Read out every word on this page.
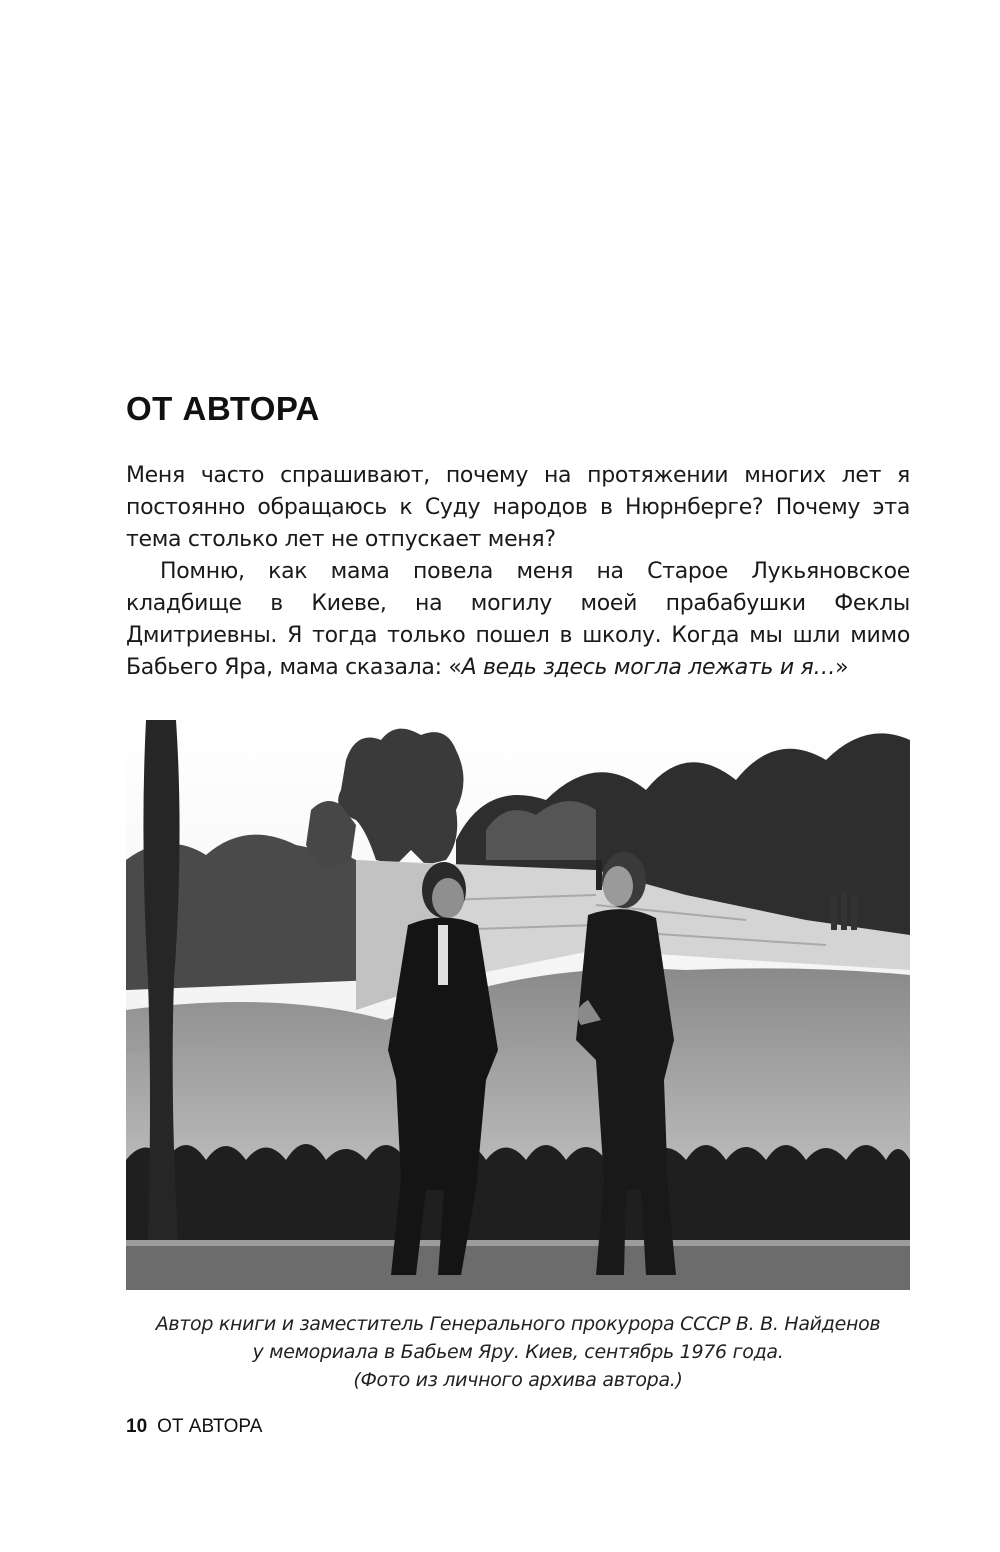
ОТ АВТОРА

Меня часто спрашивают, почему на протяжении многих лет я постоянно обращаюсь к Суду народов в Нюрнберге? Почему эта тема столько лет не отпускает меня?

Помню, как мама повела меня на Старое Лукьяновское кладбище в Киеве, на могилу моей прабабушки Феклы Дмитриевны. Я тогда только пошел в школу. Когда мы шли мимо Бабьего Яра, мама сказала: «А ведь здесь могла лежать и я…»

Автор книги и заместитель Генерального прокурора СССР В. В. Найденов
у мемориала в Бабьем Яру. Киев, сентябрь 1976 года.
(Фото из личного архива автора.)
10 ОТ АВТОРА
